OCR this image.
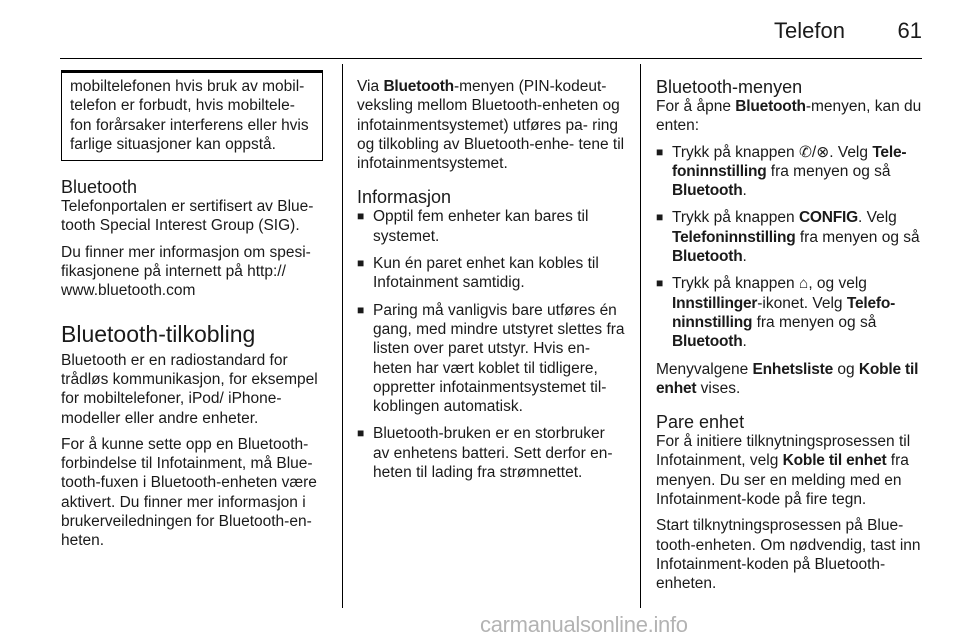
Telefon 61

mobiltelefonen hvis bruk av mobil- telefon er forbudt, hvis mobiltele- fon forårsaker interferens eller hvis farlige situasjoner kan oppstå.

Bluetooth

Telefonportalen er sertifisert av Blue- tooth Special Interest Group (SIG).

Du finner mer informasjon om spesi- fikasjonene på internett på http:// www.bluetooth.com

Bluetooth-tilkobling

Bluetooth er en radiostandard for trådløs kommunikasjon, for eksempel for mobiltelefoner, iPod/ iPhone-modeller eller andre enheter.

For å kunne sette opp en Bluetooth- forbindelse til Infotainment, må Blue- tooth-fuxen i Bluetooth-enheten være aktivert. Du finner mer informasjon i brukerveiledningen for Bluetooth-en- heten.

Via Bluetooth-menyen (PIN-kodeut- veksling mellom Bluetooth-enheten og infotainmentsystemet) utføres pa- ring og tilkobling av Bluetooth-enhe- tene til infotainmentsystemet.

Informasjon
■ Opptil fem enheter kan bares til systemet.
■ Kun én paret enhet kan kobles til Infotainment samtidig.
■ Paring må vanligvis bare utføres én gang, med mindre utstyret slettes fra listen over paret utstyr. Hvis en- heten har vært koblet til tidligere, oppretter infotainmentsystemet til- koblingen automatisk.
■ Bluetooth-bruken er en storbruker av enhetens batteri. Sett derfor en- heten til lading fra strømnettet.
Bluetooth-menyen

For å åpne Bluetooth-menyen, kan du enten:

■ Trykk på knappen ✆/⊗. Velg Tele- foninnstilling fra menyen og så Bluetooth.
■ Trykk på knappen CONFIG. Velg Telefoninnstilling fra menyen og så Bluetooth.
■ Trykk på knappen ⌂, og velg Innstillinger-ikonet. Velg Telefo- ninnstilling fra menyen og så Bluetooth.

Menyvalgene Enhetsliste og Koble til enhet vises.

Pare enhet

For å initiere tilknytningsprosessen til Infotainment, velg Koble til enhet fra menyen. Du ser en melding med en Infotainment-kode på fire tegn.

Start tilknytningsprosessen på Blue- tooth-enheten. Om nødvendig, tast inn Infotainment-koden på Bluetooth- enheten.

carmanualsonline.info
